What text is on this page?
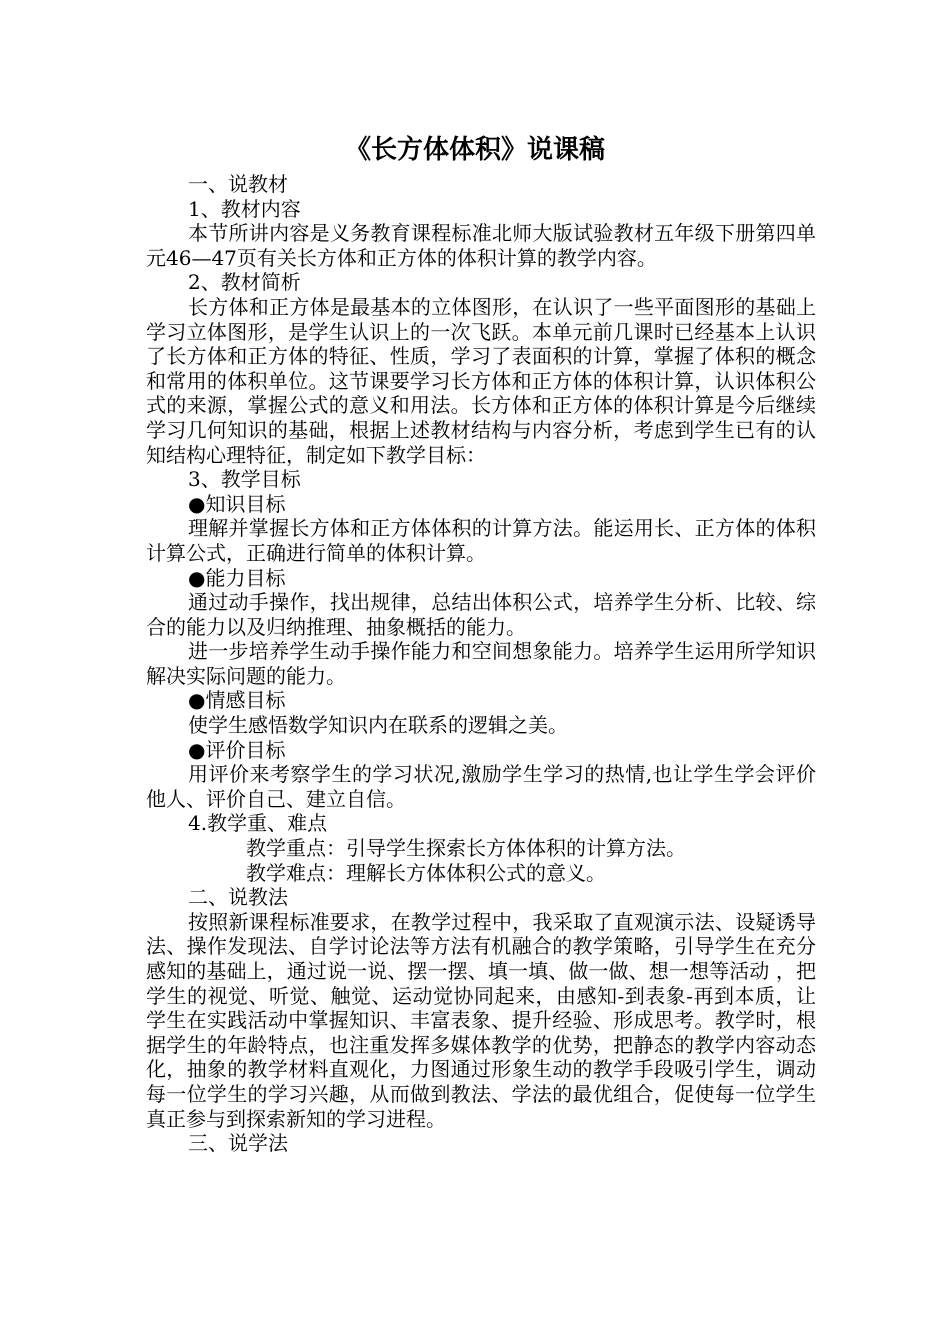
《长方体体积》说课稿

一、说教材

1、教材内容

本节所讲内容是义务教育课程标准北师大版试验教材五年级下册第四单元46—47页有关长方体和正方体的体积计算的教学内容。

2、教材简析

长方体和正方体是最基本的立体图形，在认识了一些平面图形的基础上学习立体图形，是学生认识上的一次飞跃。本单元前几课时已经基本上认识了长方体和正方体的特征、性质，学习了表面积的计算，掌握了体积的概念和常用的体积单位。这节课要学习长方体和正方体的体积计算，认识体积公式的来源，掌握公式的意义和用法。长方体和正方体的体积计算是今后继续学习几何知识的基础，根据上述教材结构与内容分析，考虑到学生已有的认知结构心理特征，制定如下教学目标：

3、教学目标

●知识目标

理解并掌握长方体和正方体体积的计算方法。能运用长、正方体的体积计算公式，正确进行简单的体积计算。

●能力目标

通过动手操作，找出规律，总结出体积公式，培养学生分析、比较、综合的能力以及归纳推理、抽象概括的能力。

进一步培养学生动手操作能力和空间想象能力。培养学生运用所学知识解决实际问题的能力。

●情感目标

使学生感悟数学知识内在联系的逻辑之美。

●评价目标

用评价来考察学生的学习状况,激励学生学习的热情,也让学生学会评价他人、评价自己、建立自信。

4.教学重、难点

教学重点：引导学生探索长方体体积的计算方法。

教学难点：理解长方体体积公式的意义。

二、说教法

按照新课程标准要求，在教学过程中，我采取了直观演示法、设疑诱导法、操作发现法、自学讨论法等方法有机融合的教学策略，引导学生在充分感知的基础上，通过说一说、摆一摆、填一填、做一做、想一想等活动 ，把学生的视觉、听觉、触觉、运动觉协同起来，由感知-到表象-再到本质，让学生在实践活动中掌握知识、丰富表象、提升经验、形成思考。教学时，根据学生的年龄特点，也注重发挥多媒体教学的优势，把静态的教学内容动态化，抽象的教学材料直观化，力图通过形象生动的教学手段吸引学生，调动每一位学生的学习兴趣，从而做到教法、学法的最优组合，促使每一位学生真正参与到探索新知的学习进程。

三、说学法
